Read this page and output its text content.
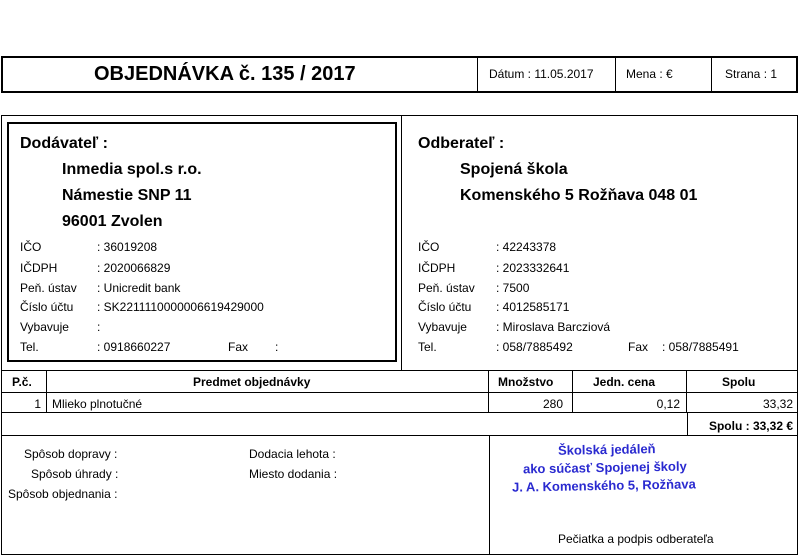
OBJEDNÁVKA č. 135 / 2017	Dátum : 11.05.2017	Mena : €	Strana : 1
Dodávateľ :
Inmedia spol.s r.o.
Námestie SNP 11
96001 Zvolen
IČO	: 36019208
IČDPH	: 2020066829
Peň. ústav : Unicredit bank
Číslo účtu : SK2211110000006619429000
Vybavuje :
Tel.	: 0918660227	Fax :
Odberateľ :
Spojená škola
Komenského 5 Rožňava 048 01
IČO	: 42243378
IČDPH	: 2023332641
Peň. ústav : 7500
Číslo účtu : 4012585171
Vybavuje : Miroslava Barcziová
Tel.	: 058/7885492	Fax : 058/7885491
P.č.	Predmet objednávky	Množstvo	Jedn. cena	Spolu
1 Mlieko plnotučné	280	0,12	33,32
Spolu : 33,32 €
Spôsob dopravy :
Spôsob úhrady :
Spôsob objednania :
Dodacia lehota :
Miesto dodania :
Školská jedáleň
ako súčasť Spojenej školy
J. A. Komenského 5, Rožňava
Pečiatka a podpis odberateľa
